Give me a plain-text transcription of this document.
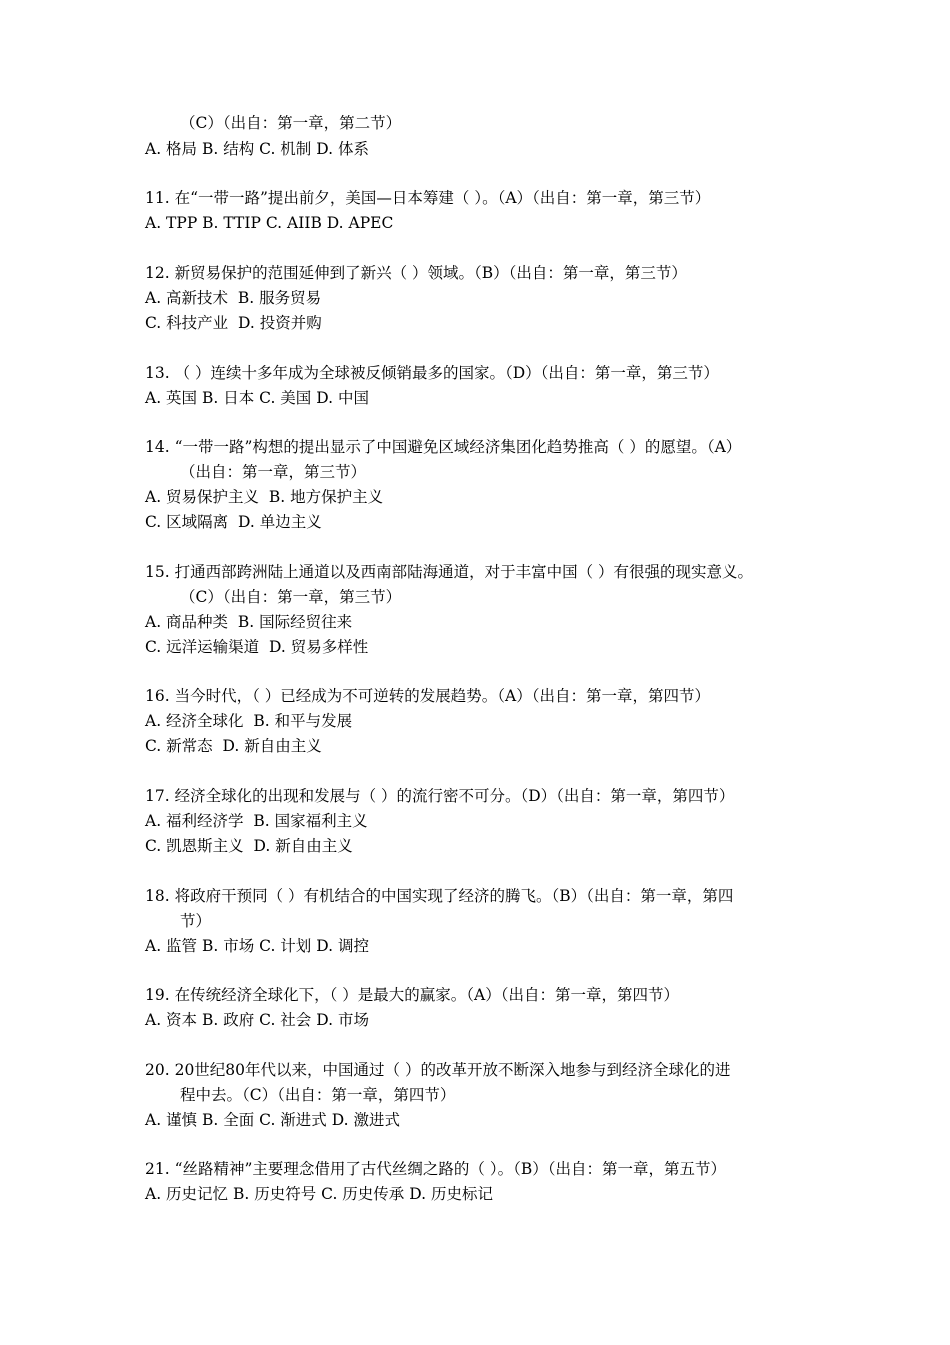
（C）（出自：第一章，第二节）
A. 格局 B. 结构 C. 机制 D. 体系
11. 在“一带一路”提出前夕，美国—日本筹建（ ）。（A）（出自：第一章，第三节）
A. TPP B. TTIP C. AIIB D. APEC
12. 新贸易保护的范围延伸到了新兴（ ）领域。（B）（出自：第一章，第三节）
A. 高新技术  B. 服务贸易
C. 科技产业  D. 投资并购
13. （ ）连续十多年成为全球被反倾销最多的国家。（D）（出自：第一章，第三节）
A. 英国 B. 日本 C. 美国 D. 中国
14. “一带一路”构想的提出显示了中国避免区域经济集团化趋势推高（ ）的愿望。（A）
（出自：第一章，第三节）
A. 贸易保护主义  B. 地方保护主义
C. 区域隔离  D. 单边主义
15. 打通西部跨洲陆上通道以及西南部陆海通道，对于丰富中国（ ）有很强的现实意义。
（C）（出自：第一章，第三节）
A. 商品种类  B. 国际经贸往来
C. 远洋运输渠道  D. 贸易多样性
16. 当今时代，（ ）已经成为不可逆转的发展趋势。（A）（出自：第一章，第四节）
A. 经济全球化  B. 和平与发展
C. 新常态  D. 新自由主义
17. 经济全球化的出现和发展与（ ）的流行密不可分。（D）（出自：第一章，第四节）
A. 福利经济学  B. 国家福利主义
C. 凯恩斯主义  D. 新自由主义
18. 将政府干预同（ ）有机结合的中国实现了经济的腾飞。（B）（出自：第一章，第四
节）
A. 监管 B. 市场 C. 计划 D. 调控
19. 在传统经济全球化下，（ ）是最大的赢家。（A）（出自：第一章，第四节）
A. 资本 B. 政府 C. 社会 D. 市场
20. 20世纪80年代以来，中国通过（ ）的改革开放不断深入地参与到经济全球化的进
程中去。（C）（出自：第一章，第四节）
A. 谨慎 B. 全面 C. 渐进式 D. 激进式
21. “丝路精神”主要理念借用了古代丝绸之路的（ ）。（B）（出自：第一章，第五节）
A. 历史记忆 B. 历史符号 C. 历史传承 D. 历史标记
